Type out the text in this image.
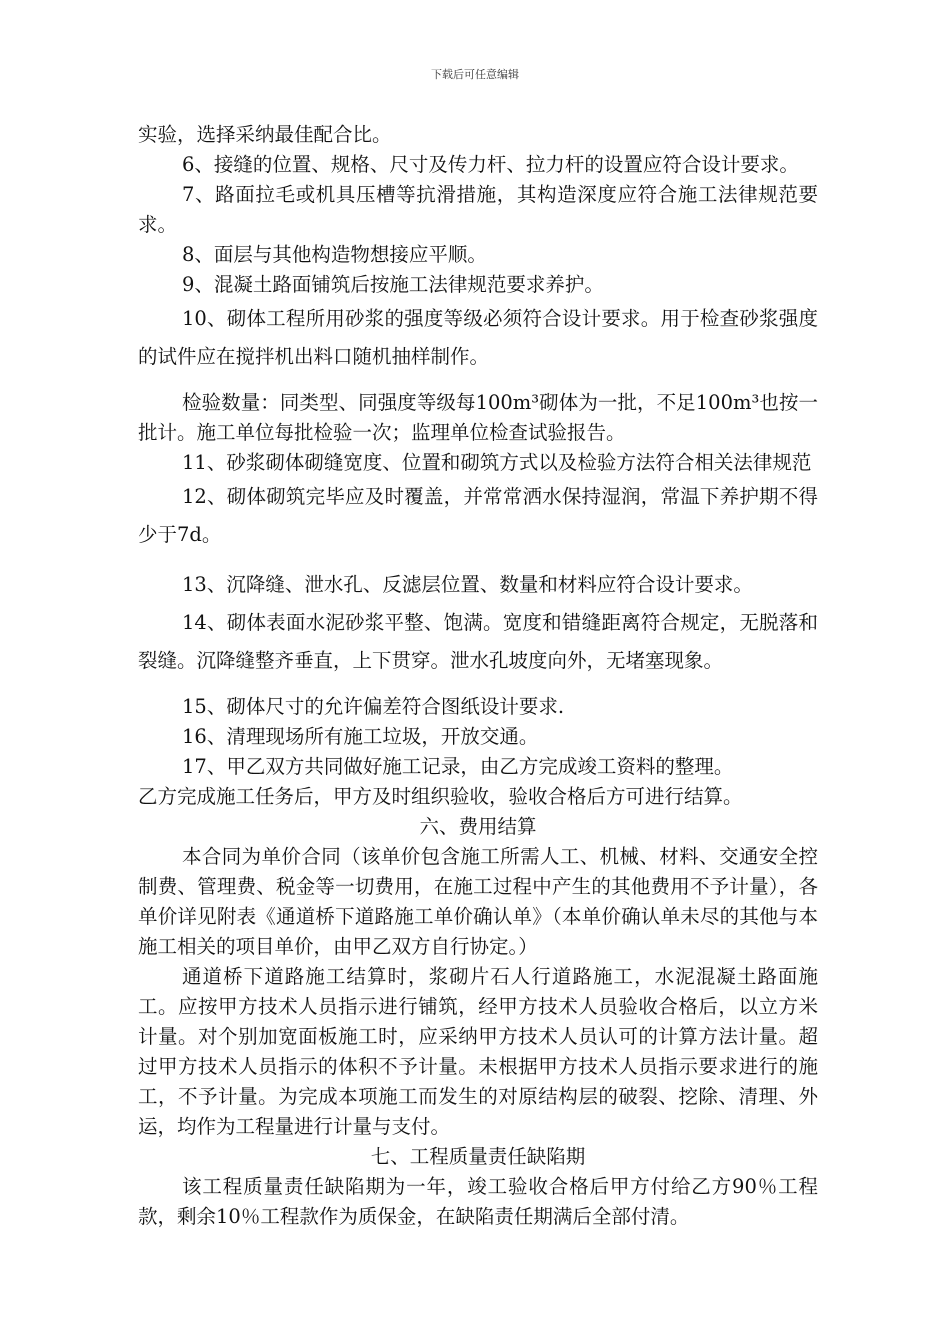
下载后可任意编辑

实验，选择采纳最佳配合比。

6、接缝的位置、规格、尺寸及传力杆、拉力杆的设置应符合设计要求。

7、路面拉毛或机具压槽等抗滑措施，其构造深度应符合施工法律规范要求。

8、面层与其他构造物想接应平顺。

9、混凝土路面铺筑后按施工法律规范要求养护。

10、砌体工程所用砂浆的强度等级必须符合设计要求。用于检查砂浆强度的试件应在搅拌机出料口随机抽样制作。

检验数量：同类型、同强度等级每100m³砌体为一批，不足100m³也按一批计。施工单位每批检验一次；监理单位检查试验报告。

11、砂浆砌体砌缝宽度、位置和砌筑方式以及检验方法符合相关法律规范

12、砌体砌筑完毕应及时覆盖，并常常洒水保持湿润，常温下养护期不得少于7d。

13、沉降缝、泄水孔、反滤层位置、数量和材料应符合设计要求。

14、砌体表面水泥砂浆平整、饱满。宽度和错缝距离符合规定，无脱落和裂缝。沉降缝整齐垂直，上下贯穿。泄水孔坡度向外，无堵塞现象。

15、砌体尺寸的允许偏差符合图纸设计要求.

16、清理现场所有施工垃圾，开放交通。

17、甲乙双方共同做好施工记录，由乙方完成竣工资料的整理。

乙方完成施工任务后，甲方及时组织验收，验收合格后方可进行结算。

六、费用结算

本合同为单价合同（该单价包含施工所需人工、机械、材料、交通安全控制费、管理费、税金等一切费用，在施工过程中产生的其他费用不予计量），各单价详见附表《通道桥下道路施工单价确认单》（本单价确认单未尽的其他与本施工相关的项目单价，由甲乙双方自行协定。）

通道桥下道路施工结算时，浆砌片石人行道路施工，水泥混凝土路面施工。应按甲方技术人员指示进行铺筑，经甲方技术人员验收合格后，以立方米计量。对个别加宽面板施工时，应采纳甲方技术人员认可的计算方法计量。超过甲方技术人员指示的体积不予计量。未根据甲方技术人员指示要求进行的施工，不予计量。为完成本项施工而发生的对原结构层的破裂、挖除、清理、外运，均作为工程量进行计量与支付。

七、工程质量责任缺陷期

该工程质量责任缺陷期为一年，竣工验收合格后甲方付给乙方90％工程款，剩余10％工程款作为质保金，在缺陷责任期满后全部付清。
